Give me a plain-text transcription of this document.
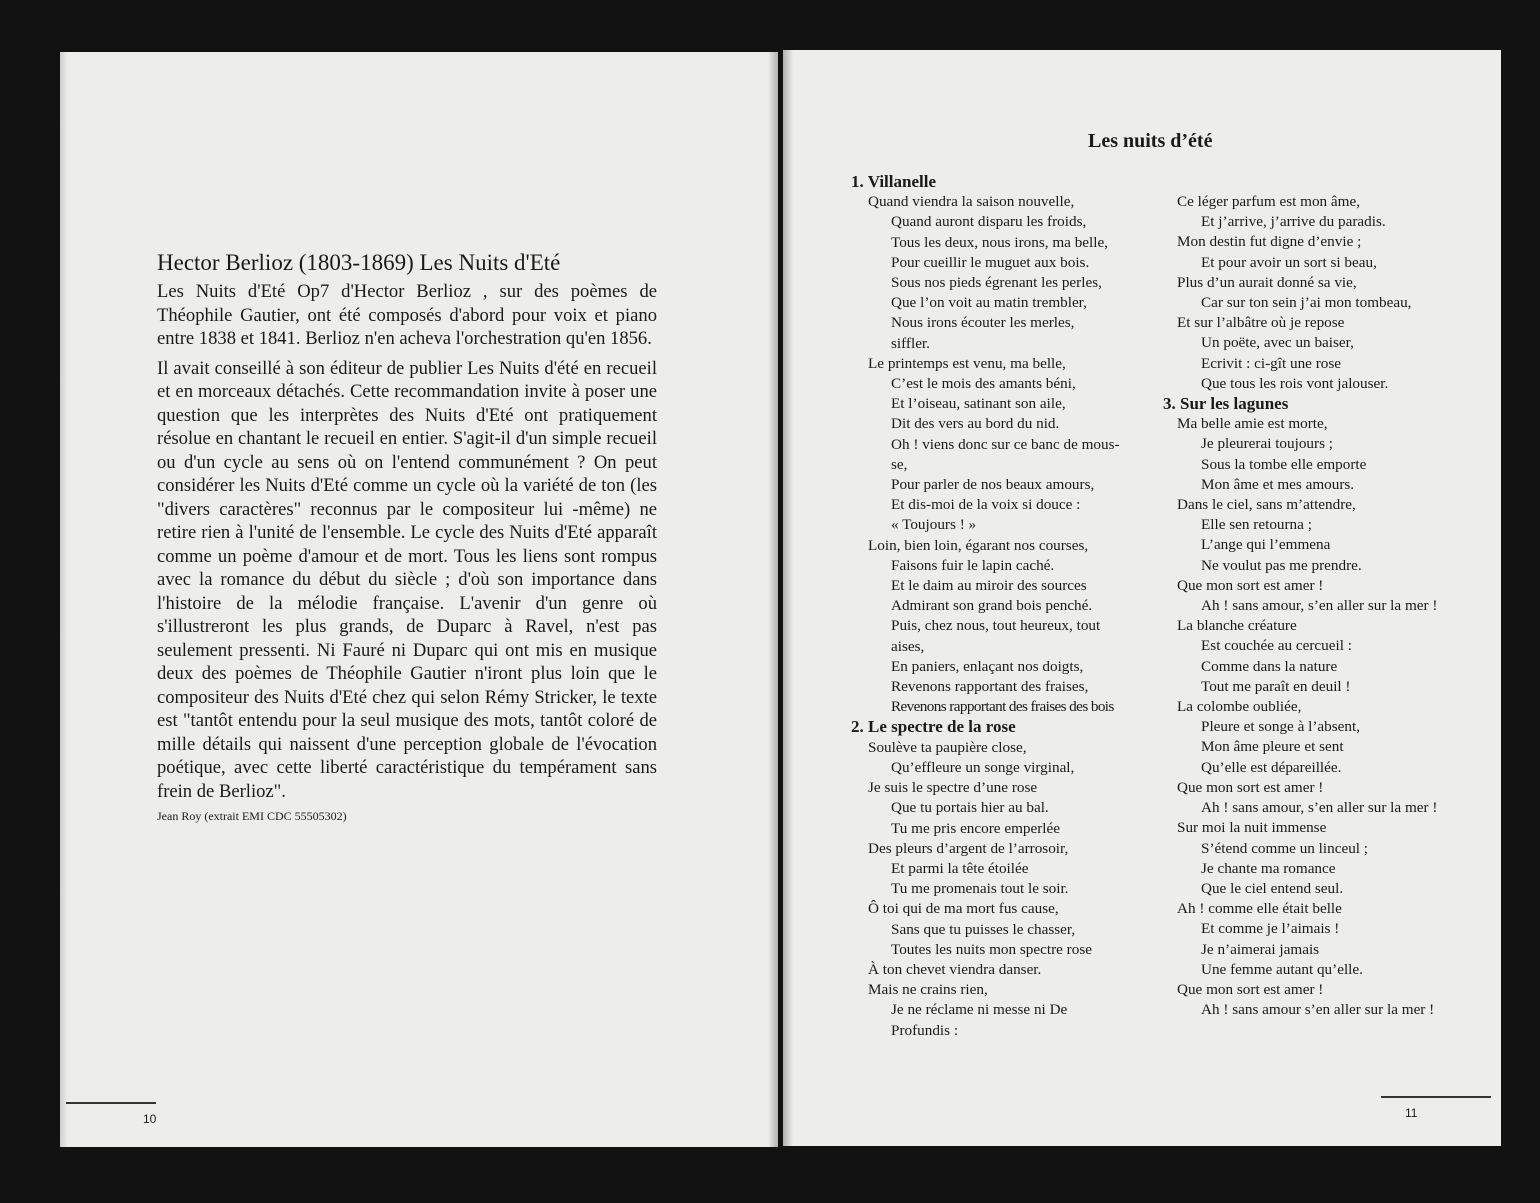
Hector Berlioz (1803-1869) Les Nuits d'Eté

Les Nuits d'Eté Op7 d'Hector Berlioz , sur des poèmes de Théophile Gautier, ont été composés d'abord pour voix et piano entre 1838 et 1841. Berlioz n'en acheva l'orchestration qu'en 1856.

Il avait conseillé à son éditeur de publier Les Nuits d'été en recueil et en morceaux détachés. Cette recommandation invite à poser une question que les interprètes des Nuits d'Eté ont pratiquement résolue en chantant le recueil en entier. S'agit-il d'un simple recueil ou d'un cycle au sens où on l'entend communément ? On peut considérer les Nuits d'Eté comme un cycle où la variété de ton (les "divers caractères" reconnus par le compositeur lui -même) ne retire rien à l'unité de l'ensemble. Le cycle des Nuits d'Eté apparaît comme un poème d'amour et de mort. Tous les liens sont rompus avec la romance du début du siècle ; d'où son importance dans l'histoire de la mélodie française. L'avenir d'un genre où s'illustreront les plus grands, de Duparc à Ravel, n'est pas seulement pressenti. Ni Fauré ni Duparc qui ont mis en musique deux des poèmes de Théophile Gautier n'iront plus loin que le compositeur des Nuits d'Eté chez qui selon Rémy Stricker, le texte est "tantôt entendu pour la seul musique des mots, tantôt coloré de mille détails qui naissent d'une perception globale de l'évocation poétique, avec cette liberté caractéristique du tempérament sans frein de Berlioz".

Jean Roy (extrait EMI CDC 55505302)
10
Les nuits d’été
1. Villanelle
Quand viendra la saison nouvelle,
Quand auront disparu les froids,
Tous les deux, nous irons, ma belle,
Pour cueillir le muguet aux bois.
Sous nos pieds égrenant les perles,
Que l’on voit au matin trembler,
Nous irons écouter les merles,
siffler.
Le printemps est venu, ma belle,
C’est le mois des amants béni,
Et l’oiseau, satinant son aile,
Dit des vers au bord du nid.
Oh ! viens donc sur ce banc de mous-
se,
Pour parler de nos beaux amours,
Et dis-moi de la voix si douce :
« Toujours ! »
Loin, bien loin, égarant nos courses,
Faisons fuir le lapin caché.
Et le daim au miroir des sources
Admirant son grand bois penché.
Puis, chez nous, tout heureux, tout
aises,
En paniers, enlaçant nos doigts,
Revenons rapportant des fraises,
Revenons rapportant des fraises des bois
2. Le spectre de la rose
Soulève ta paupière close,
Qu’effleure un songe virginal,
Je suis le spectre d’une rose
Que tu portais hier au bal.
Tu me pris encore emperlée
Des pleurs d’argent de l’arrosoir,
Et parmi la tête étoilée
Tu me promenais tout le soir.
Ô toi qui de ma mort fus cause,
Sans que tu puisses le chasser,
Toutes les nuits mon spectre rose
À ton chevet viendra danser.
Mais ne crains rien,
Je ne réclame ni messe ni De
Profundis :
Ce léger parfum est mon âme,
Et j’arrive, j’arrive du paradis.
Mon destin fut digne d’envie ;
Et pour avoir un sort si beau,
Plus d’un aurait donné sa vie,
Car sur ton sein j’ai mon tombeau,
Et sur l’albâtre où je repose
Un poëte, avec un baiser,
Ecrivit : ci-gît une rose
Que tous les rois vont jalouser.
3. Sur les lagunes
Ma belle amie est morte,
Je pleurerai toujours ;
Sous la tombe elle emporte
Mon âme et mes amours.
Dans le ciel, sans m’attendre,
Elle sen retourna ;
L’ange qui l’emmena
Ne voulut pas me prendre.
Que mon sort est amer !
Ah ! sans amour, s’en aller sur la mer !
La blanche créature
Est couchée au cercueil :
Comme dans la nature
Tout me paraît en deuil !
La colombe oubliée,
Pleure et songe à l’absent,
Mon âme pleure et sent
Qu’elle est dépareillée.
Que mon sort est amer !
Ah ! sans amour, s’en aller sur la mer !
Sur moi la nuit immense
S’étend comme un linceul ;
Je chante ma romance
Que le ciel entend seul.
Ah ! comme elle était belle
Et comme je l’aimais !
Je n’aimerai jamais
Une femme autant qu’elle.
Que mon sort est amer !
Ah ! sans amour s’en aller sur la mer !
11
